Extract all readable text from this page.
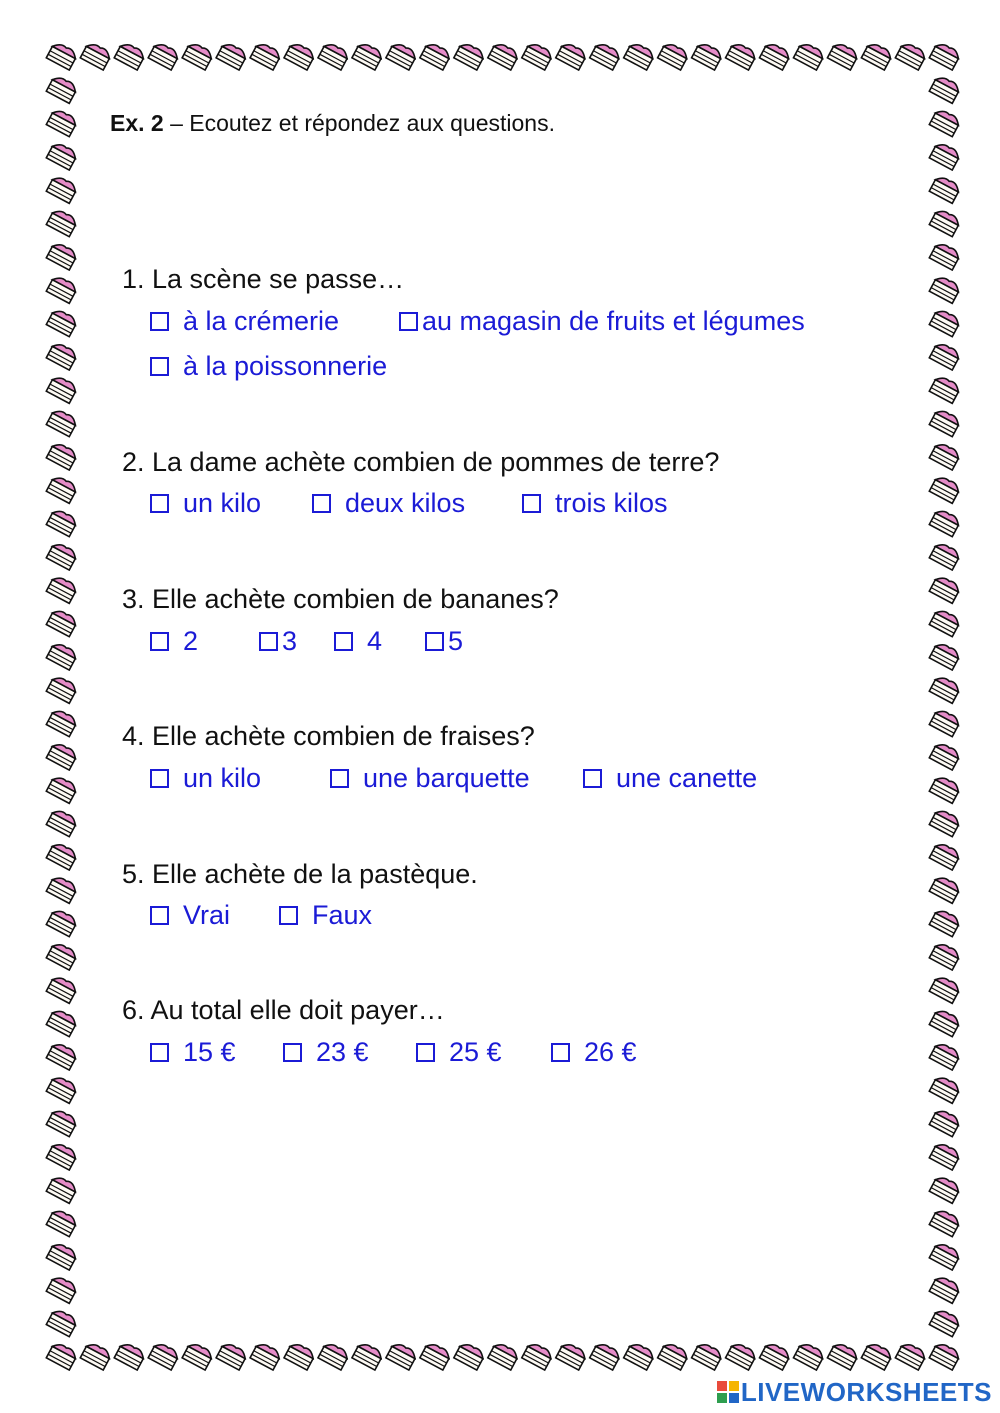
Ex. 2 – Ecoutez et répondez aux questions.
1. La scène se passe…
à la crémerie	au magasin de fruits et légumes
à la poissonnerie
2. La dame achète combien de pommes de terre?
un kilo	deux kilos	trois kilos
3. Elle achète combien de bananes?
2	3	4 5
4. Elle achète combien de fraises?
un kilo	une barquette	une canette
5. Elle achète de la pastèque.
Vrai	Faux
6. Au total elle doit payer…
15 €	23 €	25 €	26 €
LIVEWORKSHEETS
